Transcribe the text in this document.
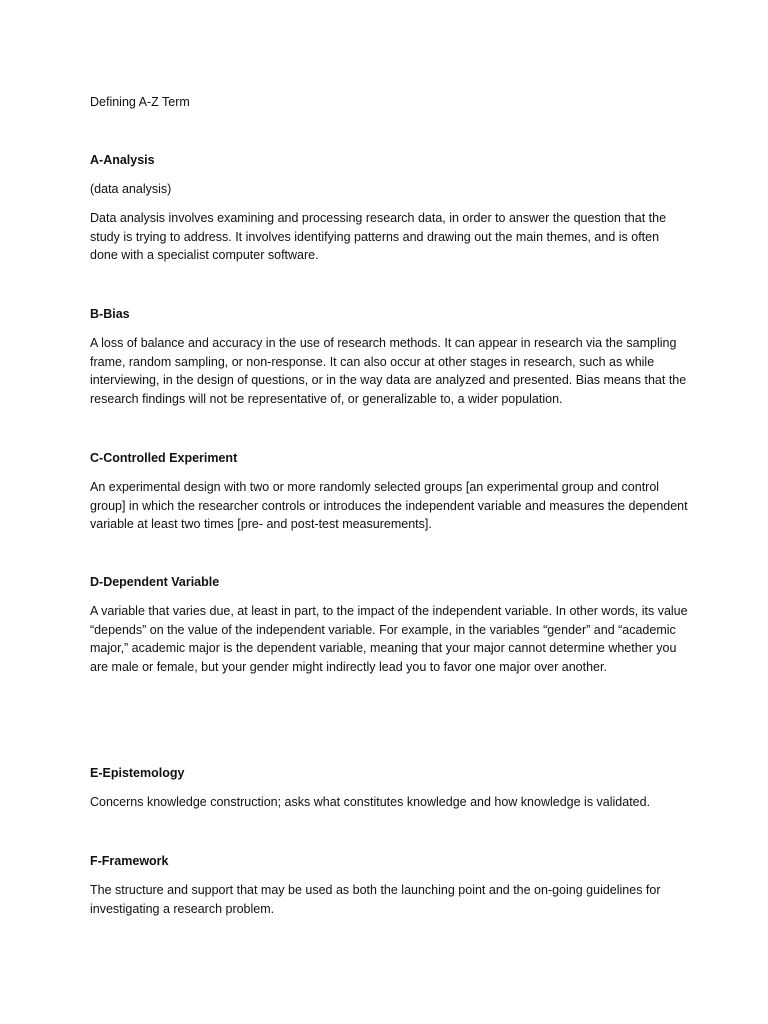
Defining A-Z Term

A-Analysis

(data analysis)

Data analysis involves examining and processing research data, in order to answer the question that the study is trying to address. It involves identifying patterns and drawing out the main themes, and is often done with a specialist computer software.

B-Bias

A loss of balance and accuracy in the use of research methods. It can appear in research via the sampling frame, random sampling, or non-response. It can also occur at other stages in research, such as while interviewing, in the design of questions, or in the way data are analyzed and presented. Bias means that the research findings will not be representative of, or generalizable to, a wider population.

C-Controlled Experiment

An experimental design with two or more randomly selected groups [an experimental group and control group] in which the researcher controls or introduces the independent variable and measures the dependent variable at least two times [pre- and post-test measurements].

D-Dependent Variable

A variable that varies due, at least in part, to the impact of the independent variable. In other words, its value “depends” on the value of the independent variable. For example, in the variables “gender” and “academic major,” academic major is the dependent variable, meaning that your major cannot determine whether you are male or female, but your gender might indirectly lead you to favor one major over another.

E-Epistemology

Concerns knowledge construction; asks what constitutes knowledge and how knowledge is validated.

F-Framework

The structure and support that may be used as both the launching point and the on-going guidelines for investigating a research problem.
